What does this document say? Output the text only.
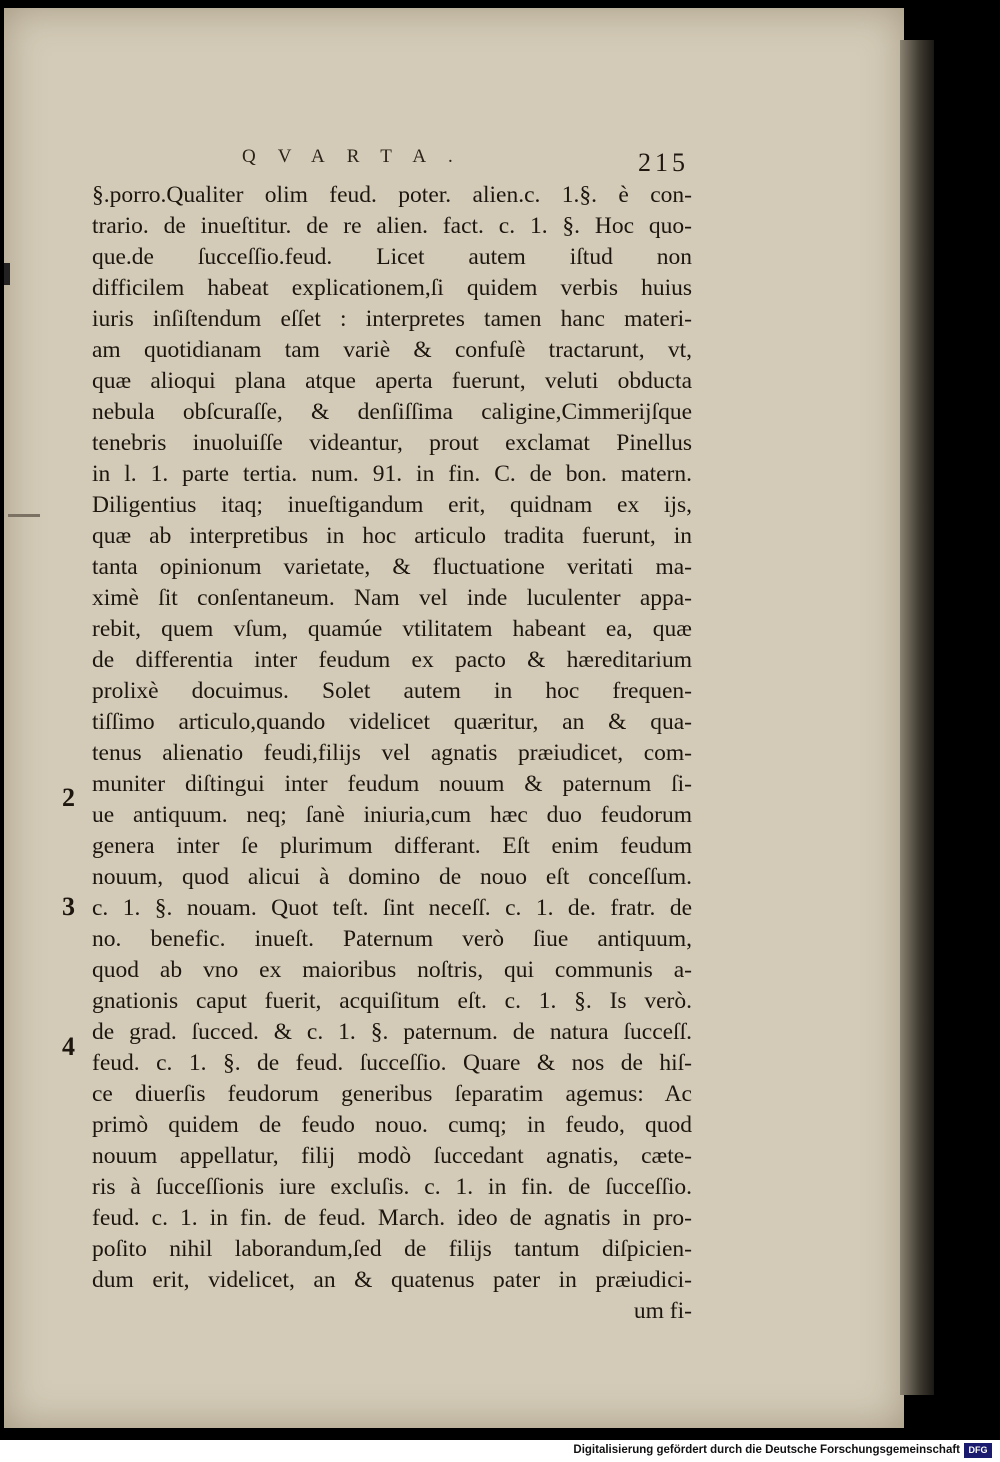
QVARTA.	215
§.porro.Qualiter olim feud. poter. alien.c. 1.§. è con-
trario. de inueſtitur. de re alien. fact. c. 1. §. Hoc quo-
que.de ſucceſſio.feud. Licet autem iſtud non
difficilem habeat explicationem,ſi quidem verbis huius
iuris inſiſtendum eſſet : interpretes tamen hanc materi-
am quotidianam tam variè & confuſè tractarunt, vt,
quæ alioqui plana atque aperta fuerunt, veluti obducta
nebula obſcuraſſe, & denſiſſima caligine,Cimmerijſque
tenebris inuoluiſſe videantur, prout exclamat Pinellus
in l. 1. parte tertia. num. 91. in fin. C. de bon. matern.
Diligentius itaq; inueſtigandum erit, quidnam ex ijs,
quæ ab interpretibus in hoc articulo tradita fuerunt, in
tanta opinionum varietate, & fluctuatione veritati ma-
ximè ſit conſentaneum. Nam vel inde luculenter appa-
rebit, quem vſum, quamúe vtilitatem habeant ea, quæ
de differentia inter feudum ex pacto & hæreditarium
prolixè docuimus. Solet autem in hoc frequen-
tiſſimo articulo,quando videlicet quæritur, an & qua-
tenus alienatio feudi,filijs vel agnatis præiudicet, com-
muniter diſtingui inter feudum nouum & paternum ſi-
ue antiquum. neq; ſanè iniuria,cum hæc duo feudorum
genera inter ſe plurimum differant. Eſt enim feudum
nouum, quod alicui à domino de nouo eſt conceſſum.
c. 1. §. nouam. Quot teſt. ſint neceſſ. c. 1. de. fratr. de
no. benefic. inueſt. Paternum verò ſiue antiquum,
quod ab vno ex maioribus noſtris, qui communis a-
gnationis caput fuerit, acquiſitum eſt. c. 1. §. Is verò.
de grad. ſucced. & c. 1. §. paternum. de natura ſucceſſ.
feud. c. 1. §. de feud. ſucceſſio. Quare & nos de hiſ-
ce diuerſis feudorum generibus ſeparatim agemus: Ac
primò quidem de feudo nouo. cumq; in feudo, quod
nouum appellatur, filij modò ſuccedant agnatis, cæte-
ris à ſucceſſionis iure excluſis. c. 1. in fin. de ſucceſſio.
feud. c. 1. in fin. de feud. March. ideo de agnatis in pro-
poſito nihil laborandum,ſed de filijs tantum diſpicien-
dum erit, videlicet, an & quatenus pater in præiudici-
um fi-
2
3
4
Digitalisierung gefördert durch die Deutsche Forschungsgemeinschaft DFG
